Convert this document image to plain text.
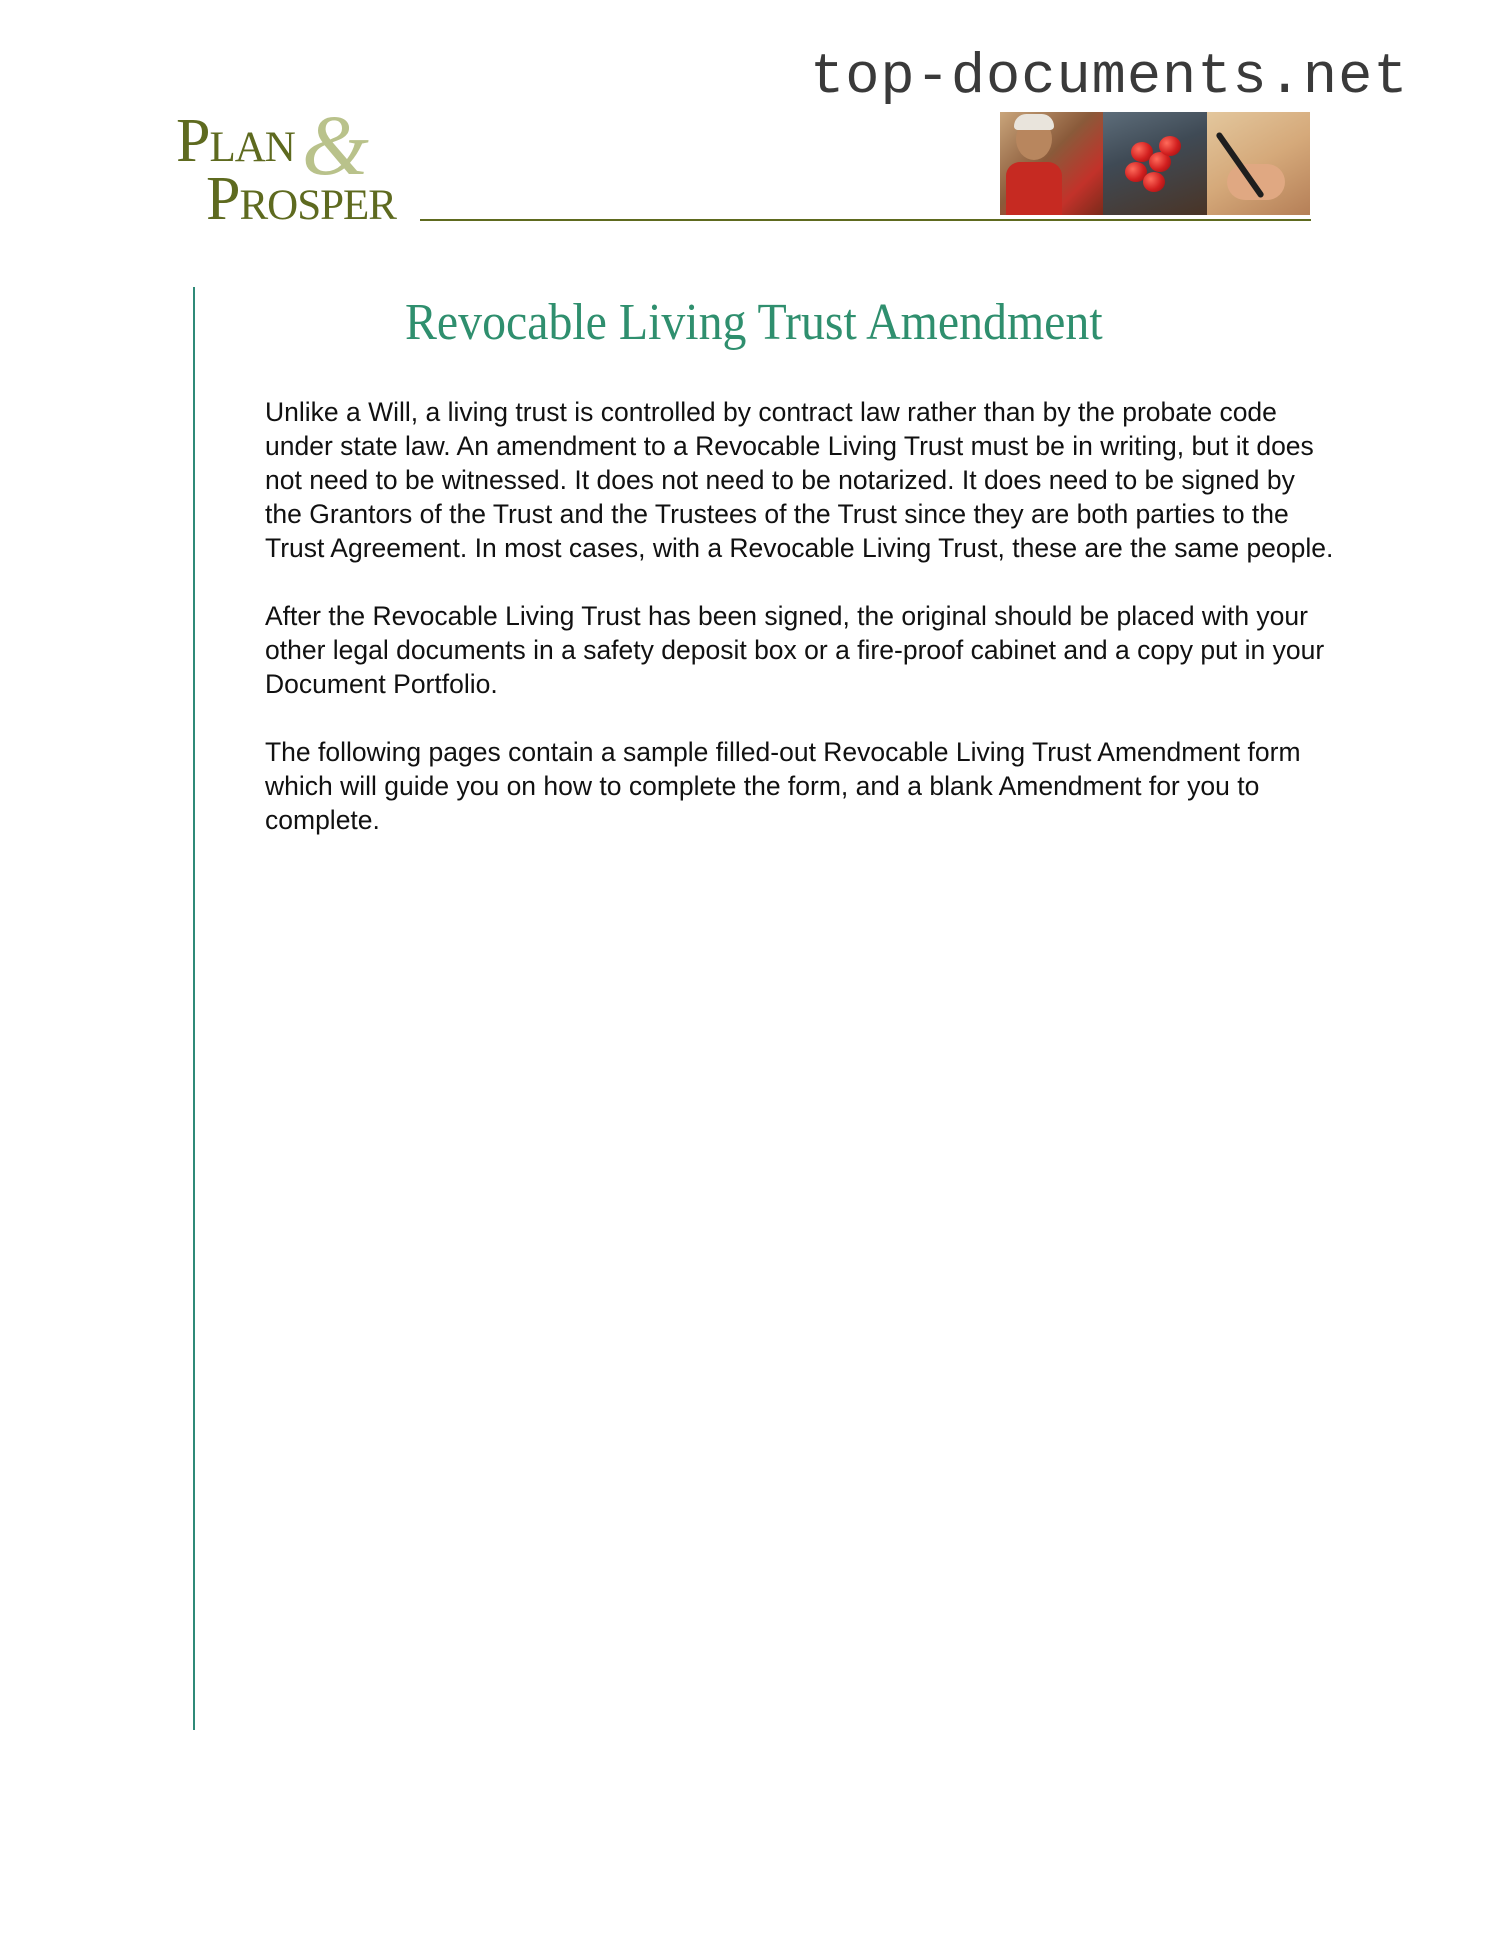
top-documents.net
Plan &
Prosper
Revocable Living Trust Amendment

Unlike a Will, a living trust is controlled by contract law rather than by the probate code under state law. An amendment to a Revocable Living Trust must be in writing, but it does not need to be witnessed. It does not need to be notarized. It does need to be signed by the Grantors of the Trust and the Trustees of the Trust since they are both parties to the Trust Agreement. In most cases, with a Revocable Living Trust, these are the same people.

After the Revocable Living Trust has been signed, the original should be placed with your other legal documents in a safety deposit box or a fire-proof cabinet and a copy put in your Document Portfolio.

The following pages contain a sample filled-out Revocable Living Trust Amendment form which will guide you on how to complete the form, and a blank Amendment for you to complete.
